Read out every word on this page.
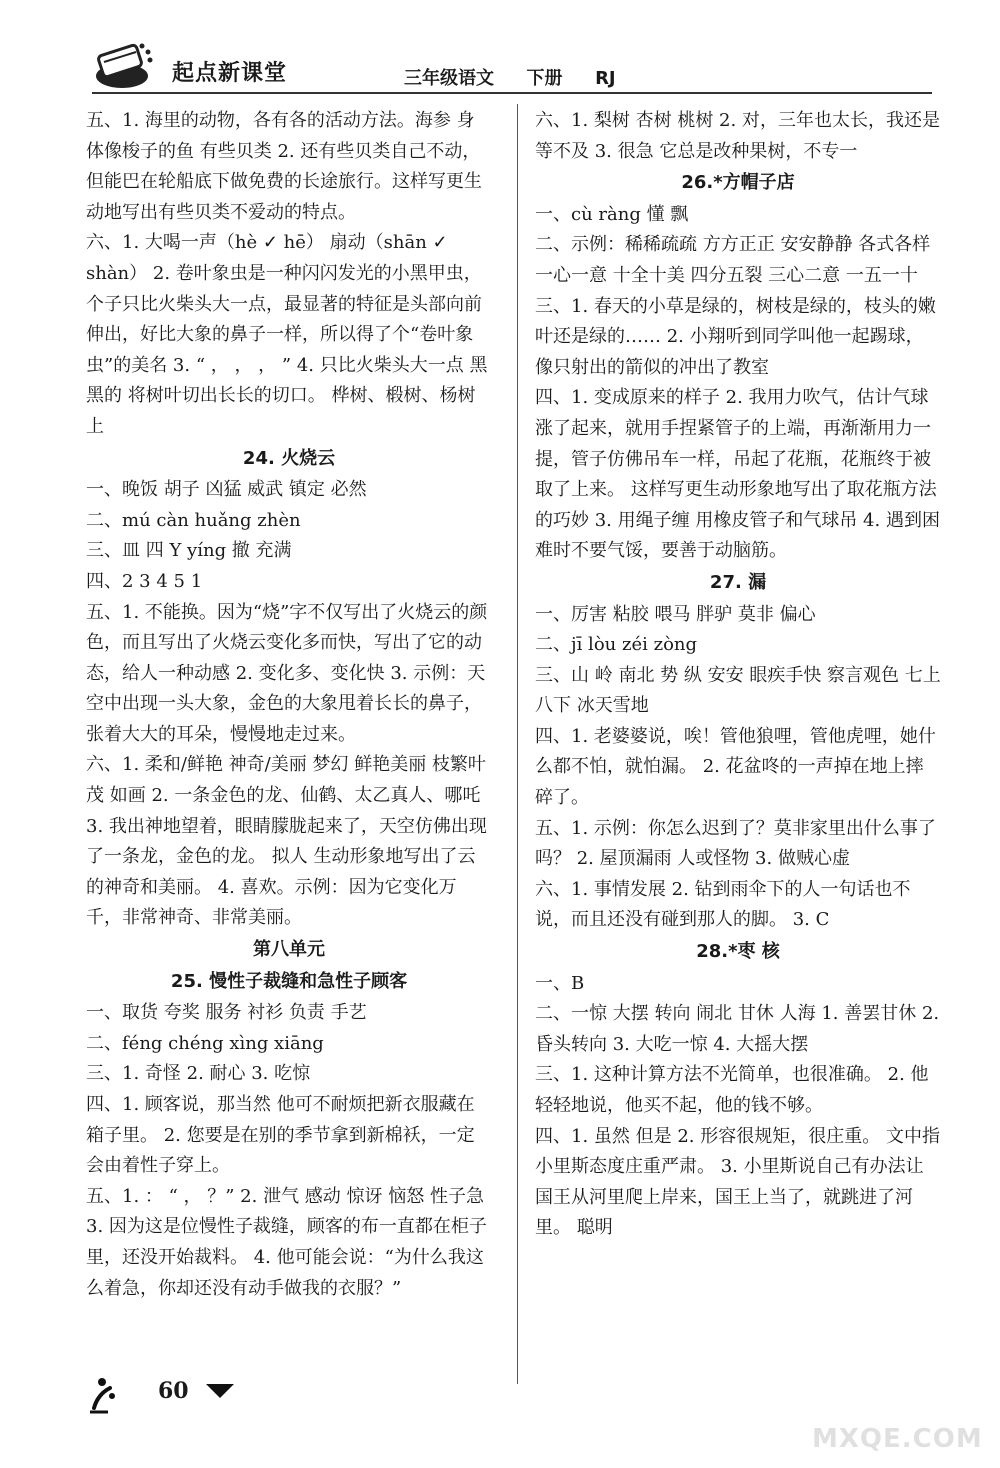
起点新课堂	三年级语文  下册  RJ
五、1. 海里的动物，各有各的活动方法。海参 身体像梭子的鱼 有些贝类 2. 还有些贝类自己不动，但能巴在轮船底下做免费的长途旅行。这样写更生动地写出有些贝类不爱动的特点。
六、1. 大喝一声（hè ✓ hē） 扇动（shān ✓ shàn） 2. 卷叶象虫是一种闪闪发光的小黑甲虫，个子只比火柴头大一点，最显著的特征是头部向前伸出，好比大象的鼻子一样，所以得了个“卷叶象虫”的美名 3. “ ， ， ， ” 4. 只比火柴头大一点 黑黑的 将树叶切出长长的切口。 桦树、椴树、杨树上
24. 火烧云
一、晚饭 胡子 凶猛 威武 镇定 必然
二、mú càn huǎng zhèn
三、皿 四 Y yíng 撤 充满
四、2 3 4 5 1
五、1. 不能换。因为“烧”字不仅写出了火烧云的颜色，而且写出了火烧云变化多而快，写出了它的动态，给人一种动感 2. 变化多、变化快 3. 示例：天空中出现一头大象，金色的大象甩着长长的鼻子，张着大大的耳朵，慢慢地走过来。
六、1. 柔和/鲜艳 神奇/美丽 梦幻 鲜艳美丽 枝繁叶茂 如画 2. 一条金色的龙、仙鹤、太乙真人、哪吒 3. 我出神地望着，眼睛朦胧起来了，天空仿佛出现了一条龙，金色的龙。 拟人 生动形象地写出了云的神奇和美丽。 4. 喜欢。示例：因为它变化万千，非常神奇、非常美丽。
第八单元
25. 慢性子裁缝和急性子顾客
一、取货 夸奖 服务 衬衫 负责 手艺
二、féng chéng xìng xiāng
三、1. 奇怪 2. 耐心 3. 吃惊
四、1. 顾客说，那当然 他可不耐烦把新衣服藏在箱子里。 2. 您要是在别的季节拿到新棉袄，一定会由着性子穿上。
五、1. ： “ ， ？” 2. 泄气 感动 惊讶 恼怒 性子急 3. 因为这是位慢性子裁缝，顾客的布一直都在柜子里，还没开始裁料。 4. 他可能会说：“为什么我这么着急，你却还没有动手做我的衣服？”
六、1. 梨树 杏树 桃树 2. 对，三年也太长，我还是等不及 3. 很急 它总是改种果树，不专一
26.*方帽子店
一、cù ràng 懂 飘
二、示例：稀稀疏疏 方方正正 安安静静 各式各样 一心一意 十全十美 四分五裂 三心二意 一五一十
三、1. 春天的小草是绿的，树枝是绿的，枝头的嫩叶还是绿的…… 2. 小翔听到同学叫他一起踢球，像只射出的箭似的冲出了教室
四、1. 变成原来的样子 2. 我用力吹气，估计气球涨了起来，就用手捏紧管子的上端，再渐渐用力一提，管子仿佛吊车一样，吊起了花瓶，花瓶终于被取了上来。 这样写更生动形象地写出了取花瓶方法的巧妙 3. 用绳子缠 用橡皮管子和气球吊 4. 遇到困难时不要气馁，要善于动脑筋。
27. 漏
一、厉害 粘胶 喂马 胖驴 莫非 偏心
二、jī lòu zéi zòng
三、山 岭 南北 势 纵 安安 眼疾手快 察言观色 七上八下 冰天雪地
四、1. 老婆婆说，唉！管他狼哩，管他虎哩，她什么都不怕，就怕漏。 2. 花盆咚的一声掉在地上摔碎了。
五、1. 示例：你怎么迟到了？莫非家里出什么事了吗？ 2. 屋顶漏雨 人或怪物 3. 做贼心虚
六、1. 事情发展 2. 钻到雨伞下的人一句话也不说，而且还没有碰到那人的脚。 3. C
28.*枣 核
一、B
二、一惊 大摆 转向 闹北 甘休 人海 1. 善罢甘休 2. 昏头转向 3. 大吃一惊 4. 大摇大摆
三、1. 这种计算方法不光简单，也很准确。 2. 他轻轻地说，他买不起，他的钱不够。
四、1. 虽然 但是 2. 形容很规矩，很庄重。 文中指小里斯态度庄重严肃。 3. 小里斯说自己有办法让国王从河里爬上岸来，国王上当了，就跳进了河里。 聪明
60
MXQE.COM
